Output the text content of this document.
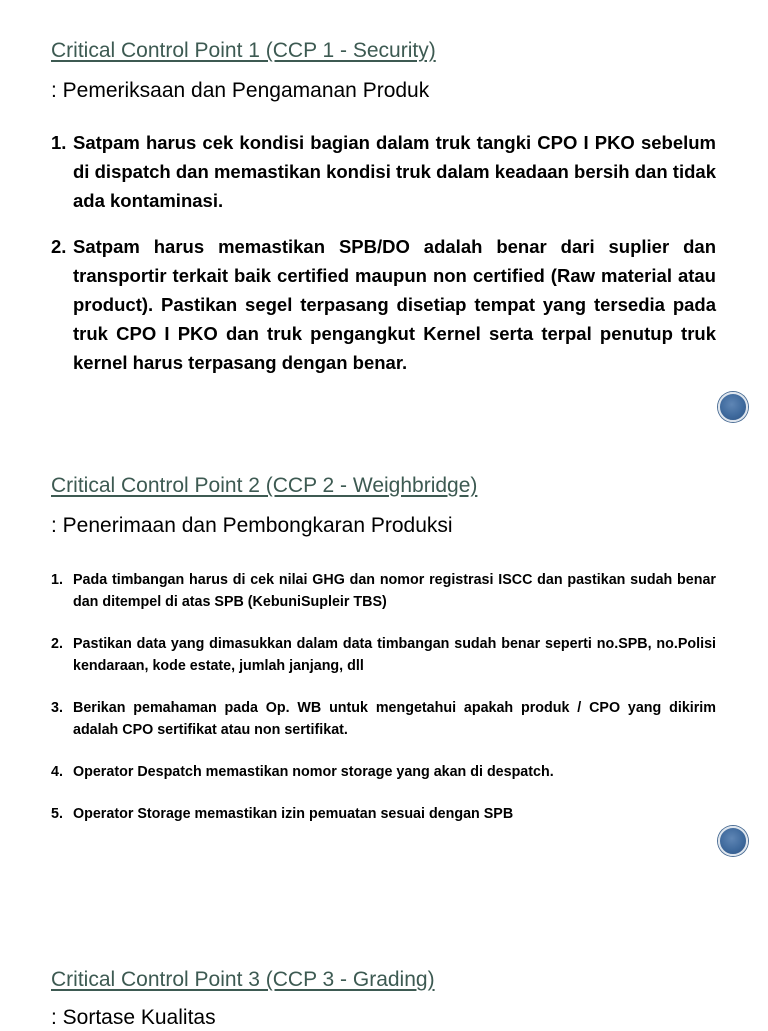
Critical Control Point 1 (CCP 1 - Security)
: Pemeriksaan dan Pengamanan Produk
1. Satpam harus cek kondisi bagian dalam truk tangki CPO I PKO sebelum di dispatch dan memastikan kondisi truk dalam keadaan bersih dan tidak ada kontaminasi.
2. Satpam harus memastikan SPB/DO adalah benar dari suplier dan transportir terkait baik certified maupun non certified (Raw material atau product). Pastikan segel terpasang disetiap tempat yang tersedia pada truk CPO I PKO dan truk pengangkut Kernel serta terpal penutup truk kernel harus terpasang dengan benar.
Critical Control Point 2 (CCP 2 - Weighbridge)
: Penerimaan dan Pembongkaran Produksi
1. Pada timbangan harus di cek nilai GHG dan nomor registrasi ISCC dan pastikan sudah benar dan ditempel di atas SPB (KebuniSupleir TBS)
2. Pastikan data yang dimasukkan dalam data timbangan sudah benar seperti no.SPB, no.Polisi kendaraan, kode estate, jumlah janjang, dll
3. Berikan pemahaman pada Op. WB untuk mengetahui apakah produk / CPO yang dikirim adalah CPO sertifikat atau non sertifikat.
4. Operator Despatch memastikan nomor storage yang akan di despatch.
5. Operator Storage memastikan izin pemuatan sesuai dengan SPB
Critical Control Point 3 (CCP 3 - Grading)
: Sortase Kualitas
